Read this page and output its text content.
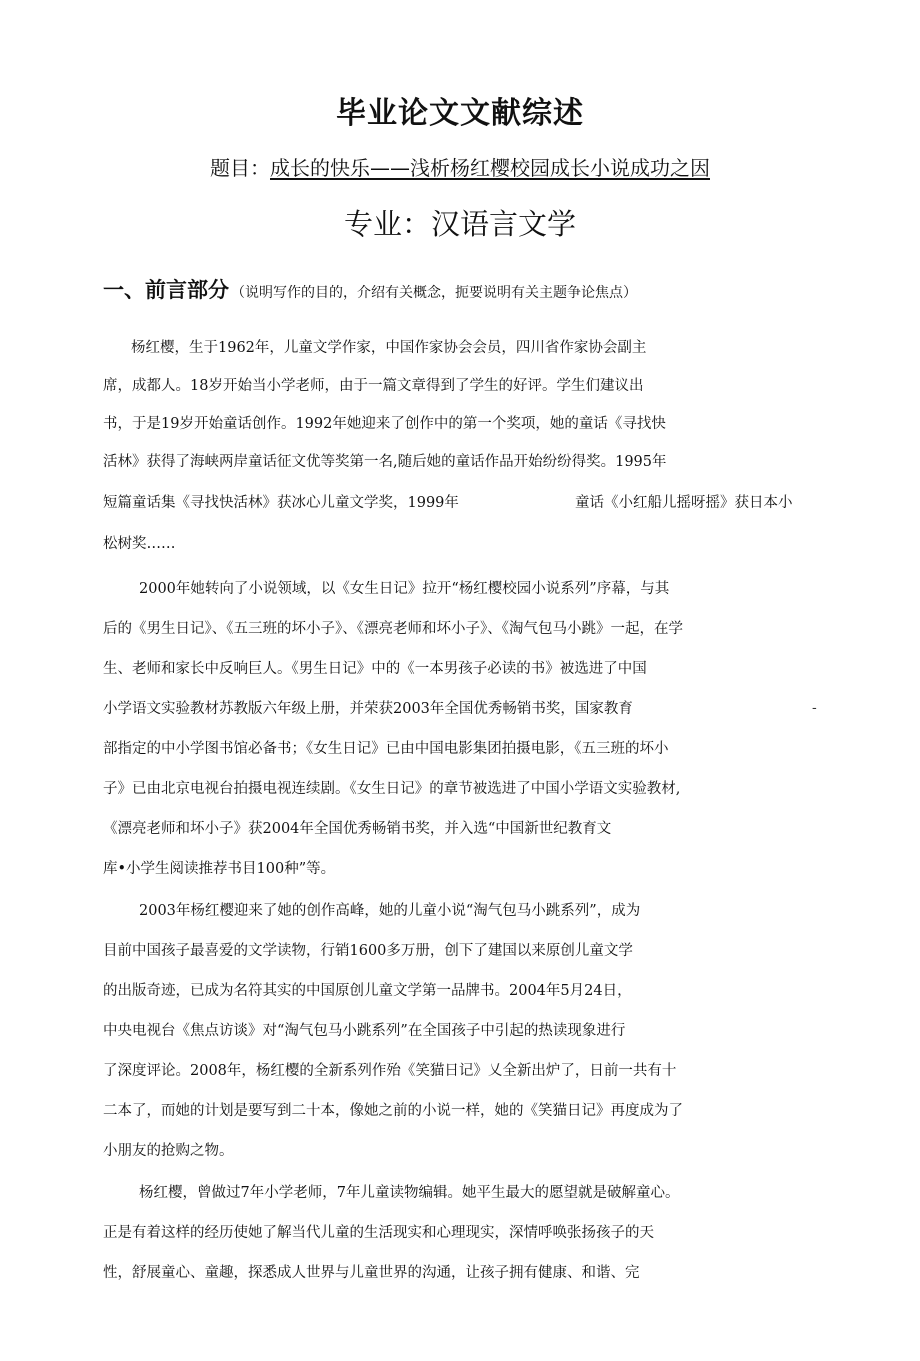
毕业论文文献综述
题目：成长的快乐——浅析杨红樱校园成长小说成功之因
专业：汉语言文学
一、前言部分 （说明写作的目的，介绍有关概念，扼要说明有关主题争论焦点）
杨红樱，生于1962年，儿童文学作家，中国作家协会会员，四川省作家协会副主
席，成都人。18岁开始当小学老师，由于一篇文章得到了学生的好评。学生们建议出
书，于是19岁开始童话创作。1992年她迎来了创作中的第一个奖项，她的童话《寻找快
活林》获得了海峡两岸童话征文优等奖第一名,随后她的童话作品开始纷纷得奖。1995年
短篇童话集《寻找快活林》获冰心儿童文学奖，1999年	童话《小红船儿摇呀摇》获日本小
松树奖……
2000年她转向了小说领域，以《女生日记》拉开“杨红樱校园小说系列”序幕，与其
后的《男生日记》、《五三班的坏小子》、《漂亮老师和坏小子》、《淘气包马小跳》一起，在学
生、老师和家长中反响巨人。《男生日记》中的《一本男孩子必读的书》被选进了中国
小学语文实验教材苏教版六年级上册，并荣获2003年全国优秀畅销书奖，国家教育
部指定的中小学图书馆必备书；《女生日记》已由中国电影集团拍摄电影，《五三班的坏小
子》已由北京电视台拍摄电视连续剧。《女生日记》的章节被选进了中国小学语文实验教材,
《漂亮老师和坏小子》获2004年全国优秀畅销书奖，并入选“中国新世纪教育文
库•小学生阅读推荐书目100种”等。
2003年杨红樱迎来了她的创作高峰，她的儿童小说“淘气包马小跳系列”，成为
目前中国孩子最喜爱的文学读物，行销1600多万册，创下了建国以来原创儿童文学
的出版奇迹，已成为名符其实的中国原创儿童文学第一品牌书。2004年5月24日，
中央电视台《焦点访谈》对“淘气包马小跳系列”在全国孩子中引起的热读现象进行
了深度评论。2008年，杨红樱的全新系列作殆《笑猫日记》乂全新出炉了，日前一共有十
二本了，而她的计划是要写到二十本，像她之前的小说一样，她的《笑猫日记》再度成为了
小朋友的抢购之物。
杨红樱，曾做过7年小学老师，7年儿童读物编辑。她平生最大的愿望就是破解童心。
正是有着这样的经历使她了解当代儿童的生活现实和心理现实，深情呼唤张扬孩子的天
性，舒展童心、童趣，探悉成人世界与儿童世界的沟通，让孩子拥有健康、和谐、完
-
